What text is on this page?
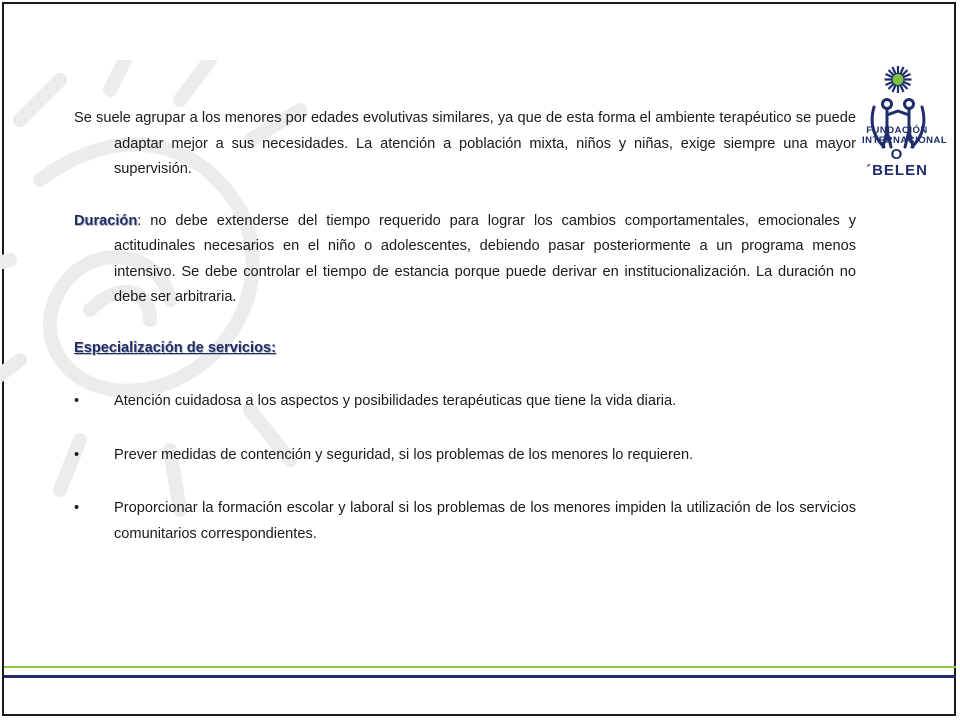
FUNDACIÓN
INTERNACIONAL
O´BELEN

Se suele agrupar a los menores por edades evolutivas similares, ya que de esta forma el ambiente terapéutico se puede adaptar mejor a sus necesidades. La atención a población mixta, niños y niñas, exige siempre una mayor supervisión.

Duración: no debe extenderse del tiempo requerido para lograr los cambios comportamentales, emocionales y actitudinales necesarios en el niño o adolescentes, debiendo pasar posteriormente a un programa menos intensivo. Se debe controlar el tiempo de estancia porque puede derivar en institucionalización. La duración no debe ser arbitraria.

Especialización de servicios:

• Atención cuidadosa a los aspectos y posibilidades terapéuticas que tiene la vida diaria.

• Prever medidas de contención y seguridad, si los problemas de los menores lo requieren.

• Proporcionar la formación escolar y laboral si los problemas de los menores impiden la utilización de los servicios comunitarios correspondientes.
